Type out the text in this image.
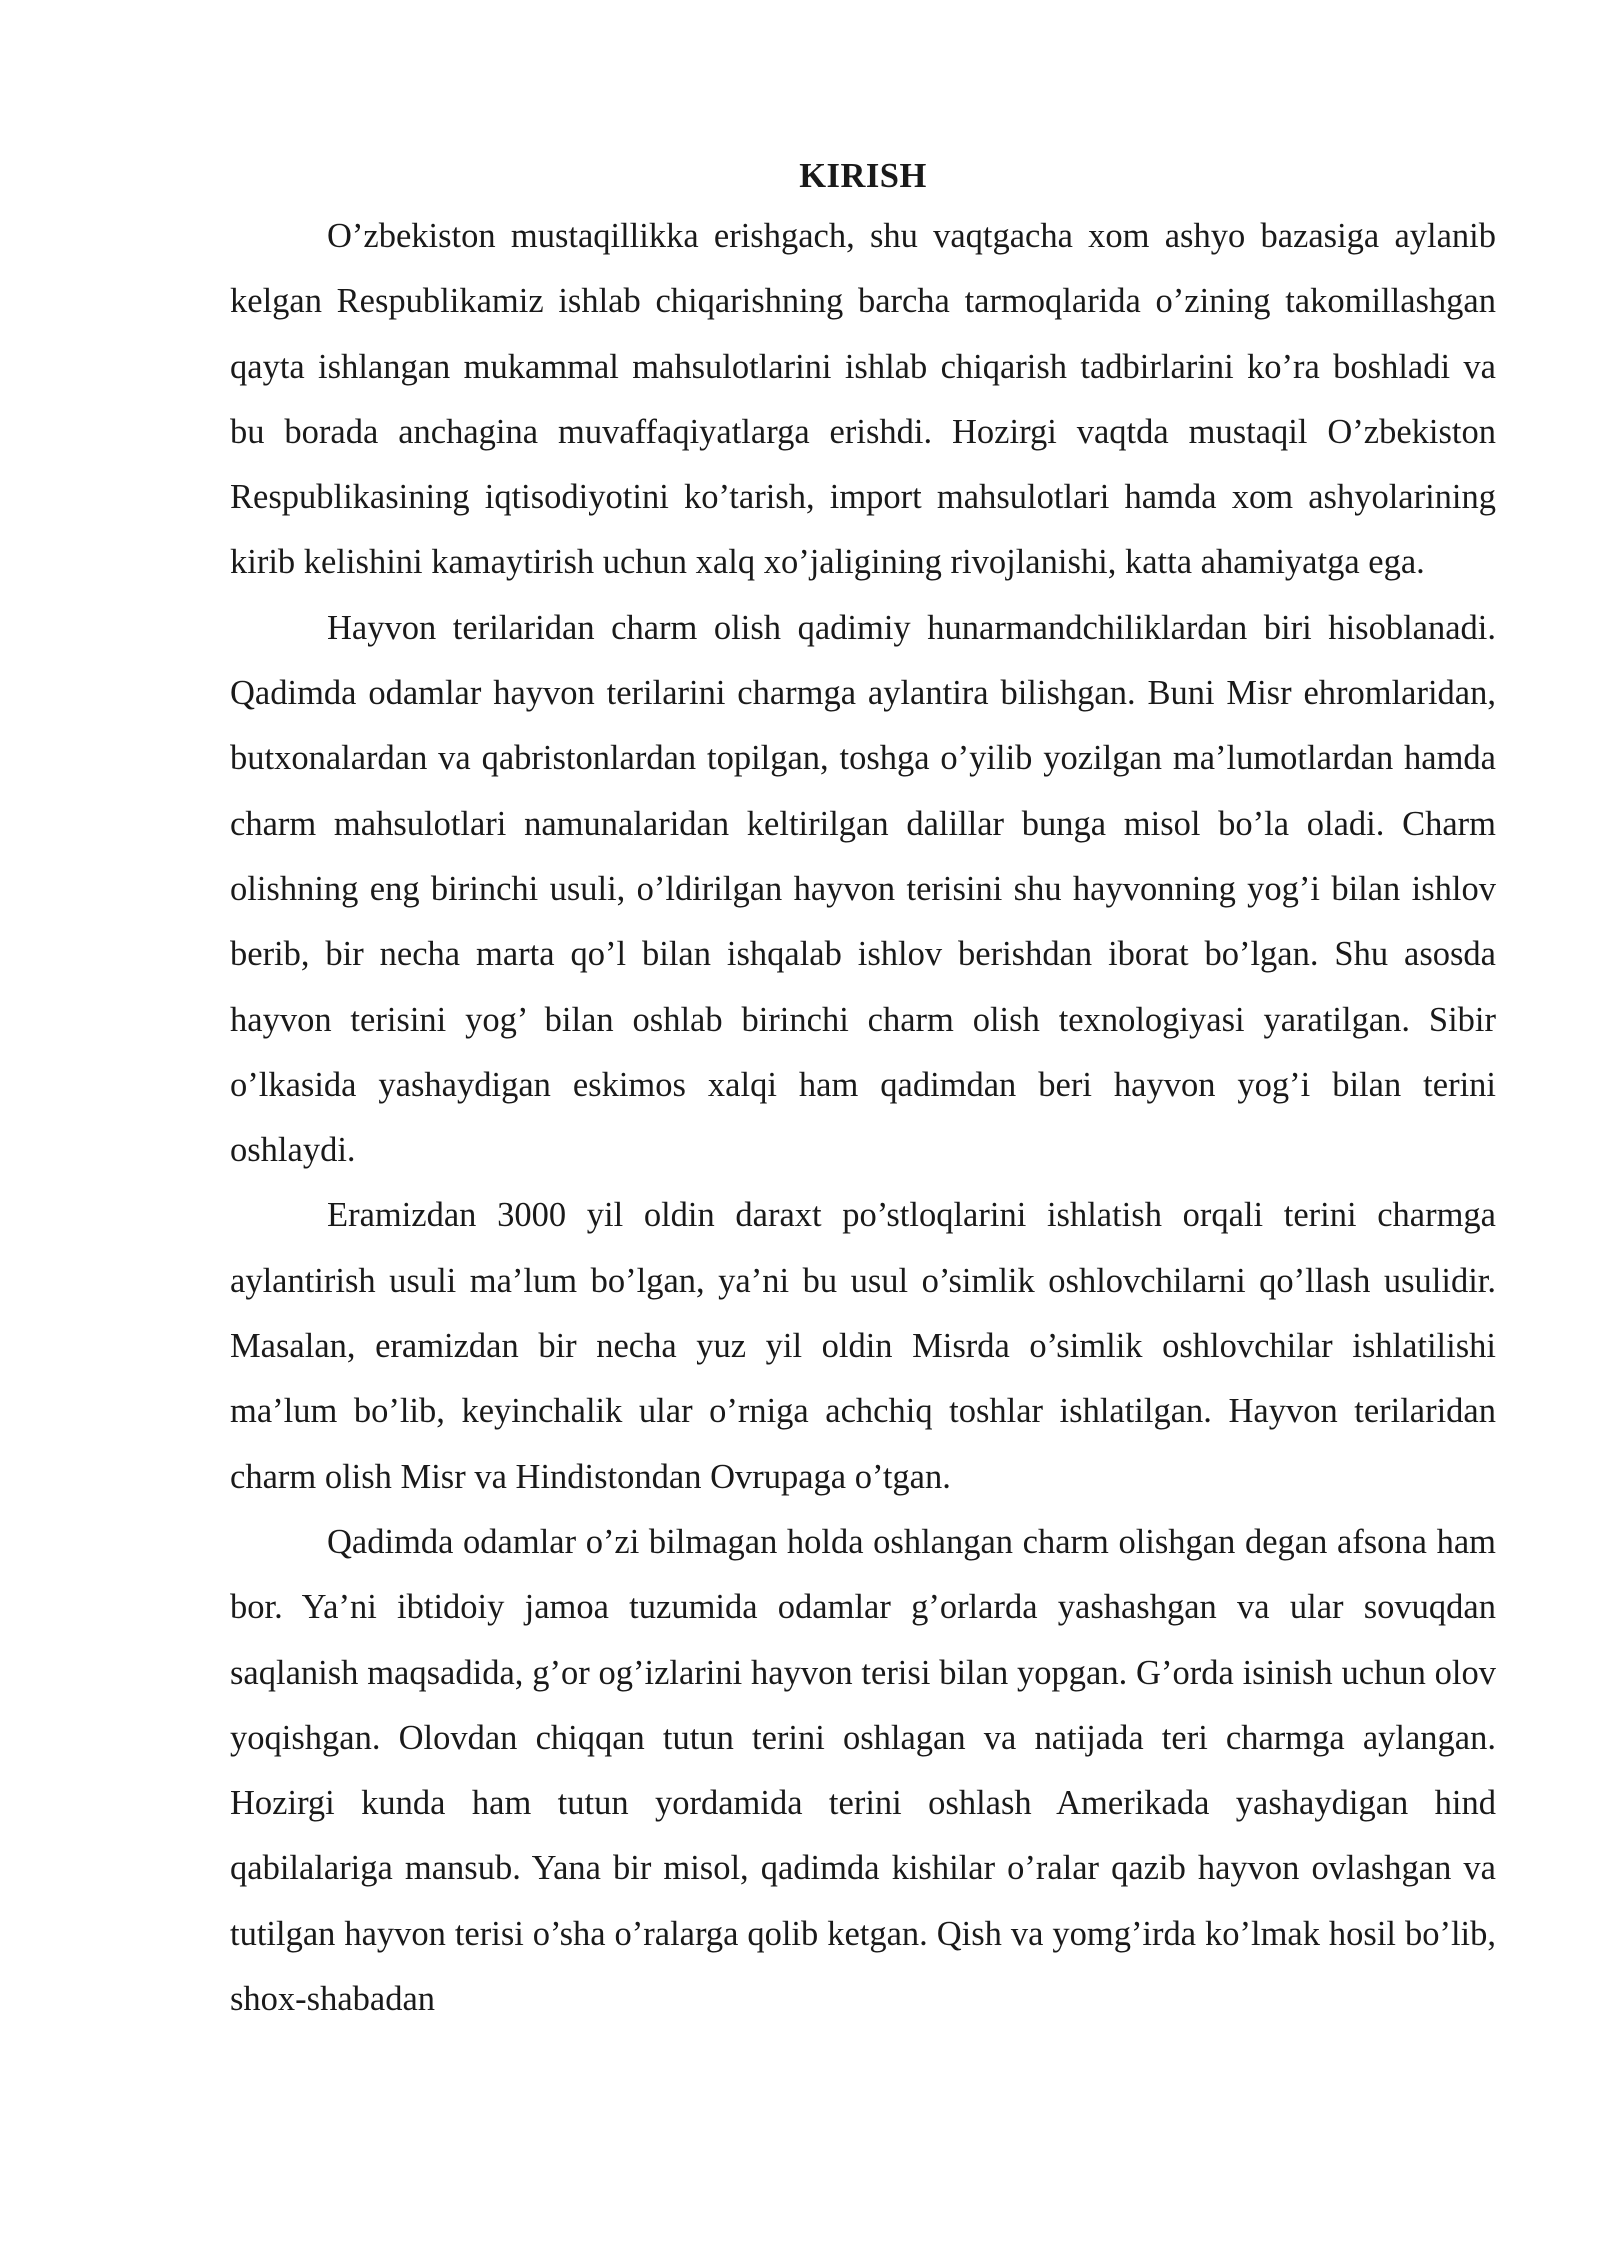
KIRISH

O’zbekiston mustaqillikka erishgach, shu vaqtgacha xom ashyo bazasiga aylanib kelgan Respublikamiz ishlab chiqarishning barcha tarmoqlarida o’zining takomillashgan qayta ishlangan mukammal mahsulotlarini ishlab chiqarish tadbirlarini ko’ra boshladi va bu borada anchagina muvaffaqiyatlarga erishdi. Hozirgi vaqtda mustaqil O’zbekiston Respublikasining iqtisodiyotini ko’tarish, import mahsulotlari hamda xom ashyolarining kirib kelishini kamaytirish uchun xalq xo’jaligining rivojlanishi, katta ahamiyatga ega.

Hayvon terilaridan charm olish qadimiy hunarmandchiliklardan biri hisoblanadi. Qadimda odamlar hayvon terilarini charmga aylantira bilishgan. Buni Misr ehromlaridan, butxonalardan va qabristonlardan topilgan, toshga o’yilib yozilgan ma’lumotlardan hamda charm mahsulotlari namunalaridan keltirilgan dalillar bunga misol bo’la oladi. Charm olishning eng birinchi usuli, o’ldirilgan hayvon terisini shu hayvonning yog’i bilan ishlov berib, bir necha marta qo’l bilan ishqalab ishlov berishdan iborat bo’lgan. Shu asosda hayvon terisini yog’ bilan oshlab birinchi charm olish texnologiyasi yaratilgan. Sibir o’lkasida yashaydigan eskimos xalqi ham qadimdan beri hayvon yog’i bilan terini oshlaydi.

Eramizdan 3000 yil oldin daraxt po’stloqlarini ishlatish orqali terini charmga aylantirish usuli ma’lum bo’lgan, ya’ni bu usul o’simlik oshlovchilarni qo’llash usulidir. Masalan, eramizdan bir necha yuz yil oldin Misrda o’simlik oshlovchilar ishlatilishi ma’lum bo’lib, keyinchalik ular o’rniga achchiq toshlar ishlatilgan. Hayvon terilaridan charm olish Misr va Hindistondan Ovrupaga o’tgan.

Qadimda odamlar o’zi bilmagan holda oshlangan charm olishgan degan afsona ham bor. Ya’ni ibtidoiy jamoa tuzumida odamlar g’orlarda yashashgan va ular sovuqdan saqlanish maqsadida, g’or og’izlarini hayvon terisi bilan yopgan. G’orda isinish uchun olov yoqishgan. Olovdan chiqqan tutun terini oshlagan va natijada teri charmga aylangan. Hozirgi kunda ham tutun yordamida terini oshlash Amerikada yashaydigan hind qabilalariga mansub. Yana bir misol, qadimda kishilar o’ralar qazib hayvon ovlashgan va tutilgan hayvon terisi o’sha o’ralarga qolib ketgan. Qish va yomg’irda ko’lmak hosil bo’lib, shox-shabadan
